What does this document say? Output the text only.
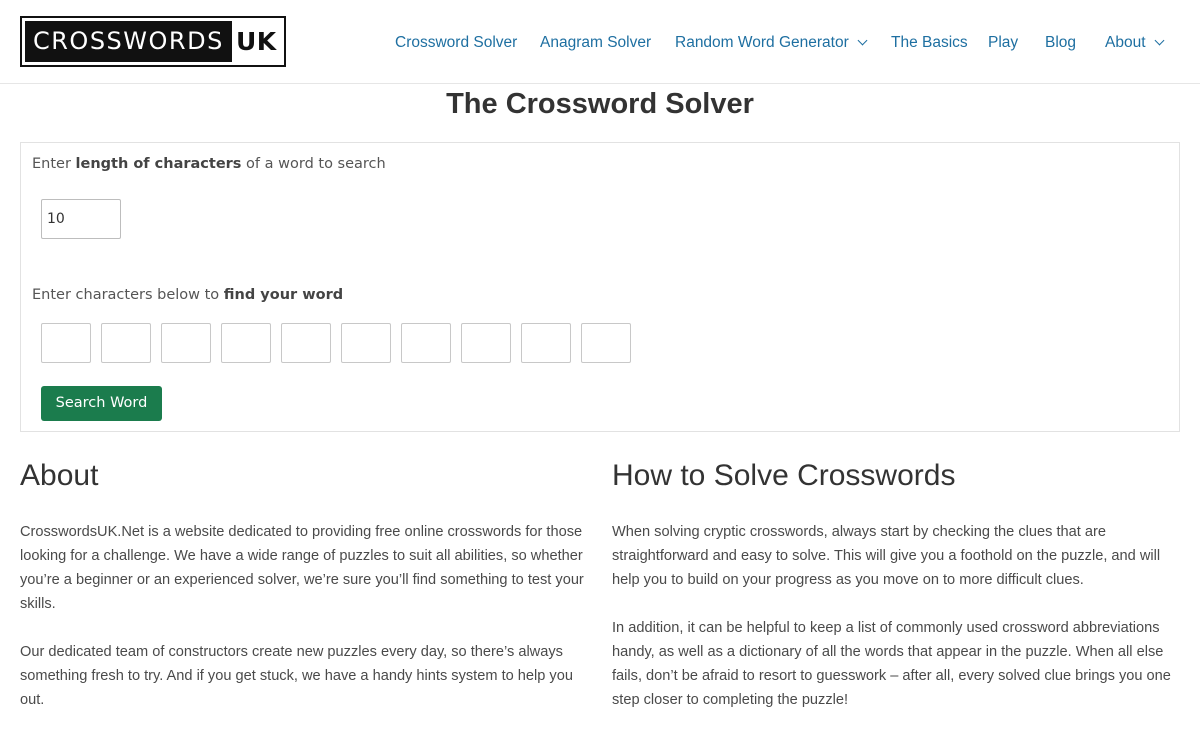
CROSSWORDS UK	Crossword Solver Anagram Solver Random Word Generator	The Basics Play Blog About
The Crossword Solver
Enter length of characters of a word to search
10
Enter characters below to find your word
Search Word
About

CrosswordsUK.Net is a website dedicated to providing free online crosswords for those looking for a challenge. We have a wide range of puzzles to suit all abilities, so whether you’re a beginner or an experienced solver, we’re sure you’ll find something to test your skills.

Our dedicated team of constructors create new puzzles every day, so there’s always something fresh to try. And if you get stuck, we have a handy hints system to help you out.

How to Solve Crosswords

When solving cryptic crosswords, always start by checking the clues that are straightforward and easy to solve. This will give you a foothold on the puzzle, and will help you to build on your progress as you move on to more difficult clues.

In addition, it can be helpful to keep a list of commonly used crossword abbreviations handy, as well as a dictionary of all the words that appear in the puzzle. When all else fails, don’t be afraid to resort to guesswork – after all, every solved clue brings you one step closer to completing the puzzle!
